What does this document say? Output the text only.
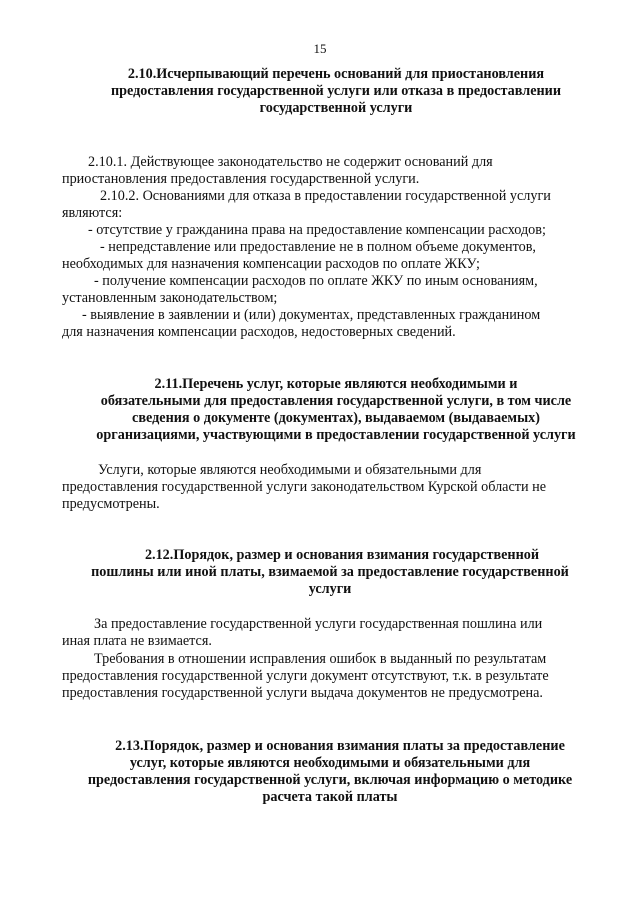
15
2.10.Исчерпывающий перечень оснований для приостановления
предоставления государственной услуги или отказа в предоставлении
государственной услуги
2.10.1. Действующее законодательство не содержит оснований для
приостановления предоставления государственной услуги.
2.10.2. Основаниями для отказа в предоставлении государственной услуги
являются:
- отсутствие у гражданина права на предоставление компенсации расходов;
- непредставление или предоставление не в полном объеме документов,
необходимых для назначения компенсации расходов по оплате ЖКУ;
- получение компенсации расходов по оплате ЖКУ по иным основаниям,
установленным законодательством;
- выявление в заявлении и (или) документах, представленных гражданином
для назначения компенсации расходов, недостоверных сведений.
2.11.Перечень услуг, которые являются необходимыми и
обязательными для предоставления государственной услуги, в том числе
сведения о документе (документах), выдаваемом (выдаваемых)
организациями, участвующими в предоставлении государственной услуги
Услуги, которые являются необходимыми и обязательными для
предоставления государственной услуги законодательством Курской области не
предусмотрены.
2.12.Порядок, размер и основания взимания государственной
пошлины или иной платы, взимаемой за предоставление государственной
услуги
За предоставление государственной услуги государственная пошлина или
иная плата не взимается.
Требования в отношении исправления ошибок в выданный по результатам
предоставления государственной услуги документ отсутствуют, т.к. в результате
предоставления государственной услуги выдача документов не предусмотрена.
2.13.Порядок, размер и основания взимания платы за предоставление
услуг, которые являются необходимыми и обязательными для
предоставления государственной услуги, включая информацию о методике
расчета такой платы
